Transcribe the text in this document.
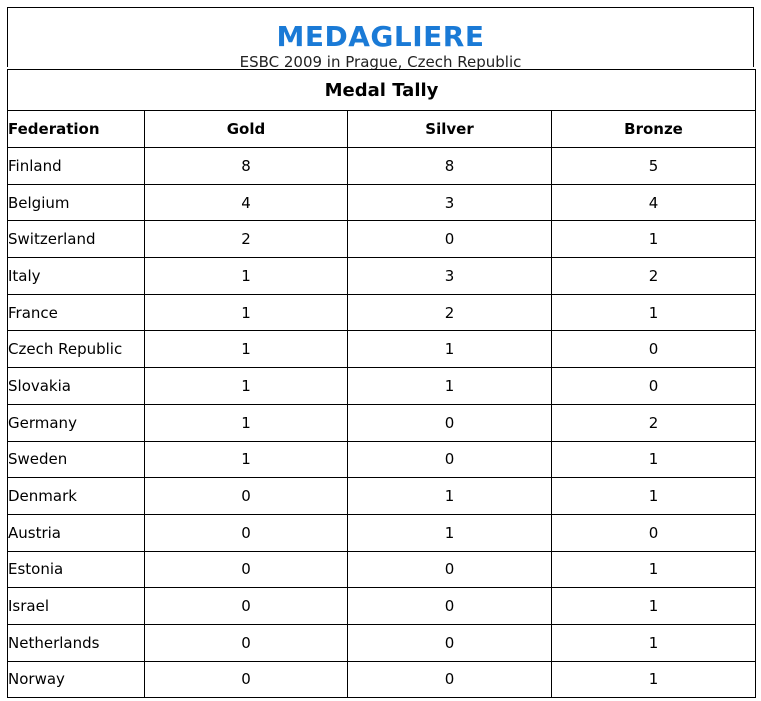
MEDAGLIERE
ESBC 2009 in Prague, Czech Republic
Medal Tally			
Federation	Gold	Silver	Bronze
Finland	8	8	5
Belgium	4	3	4
Switzerland	2	0	1
Italy	1	3	2
France	1	2	1
Czech Republic	1	1	0
Slovakia	1	1	0
Germany	1	0	2
Sweden	1	0	1
Denmark	0	1	1
Austria	0	1	0
Estonia	0	0	1
Israel	0	0	1
Netherlands	0	0	1
Norway	0	0	1
